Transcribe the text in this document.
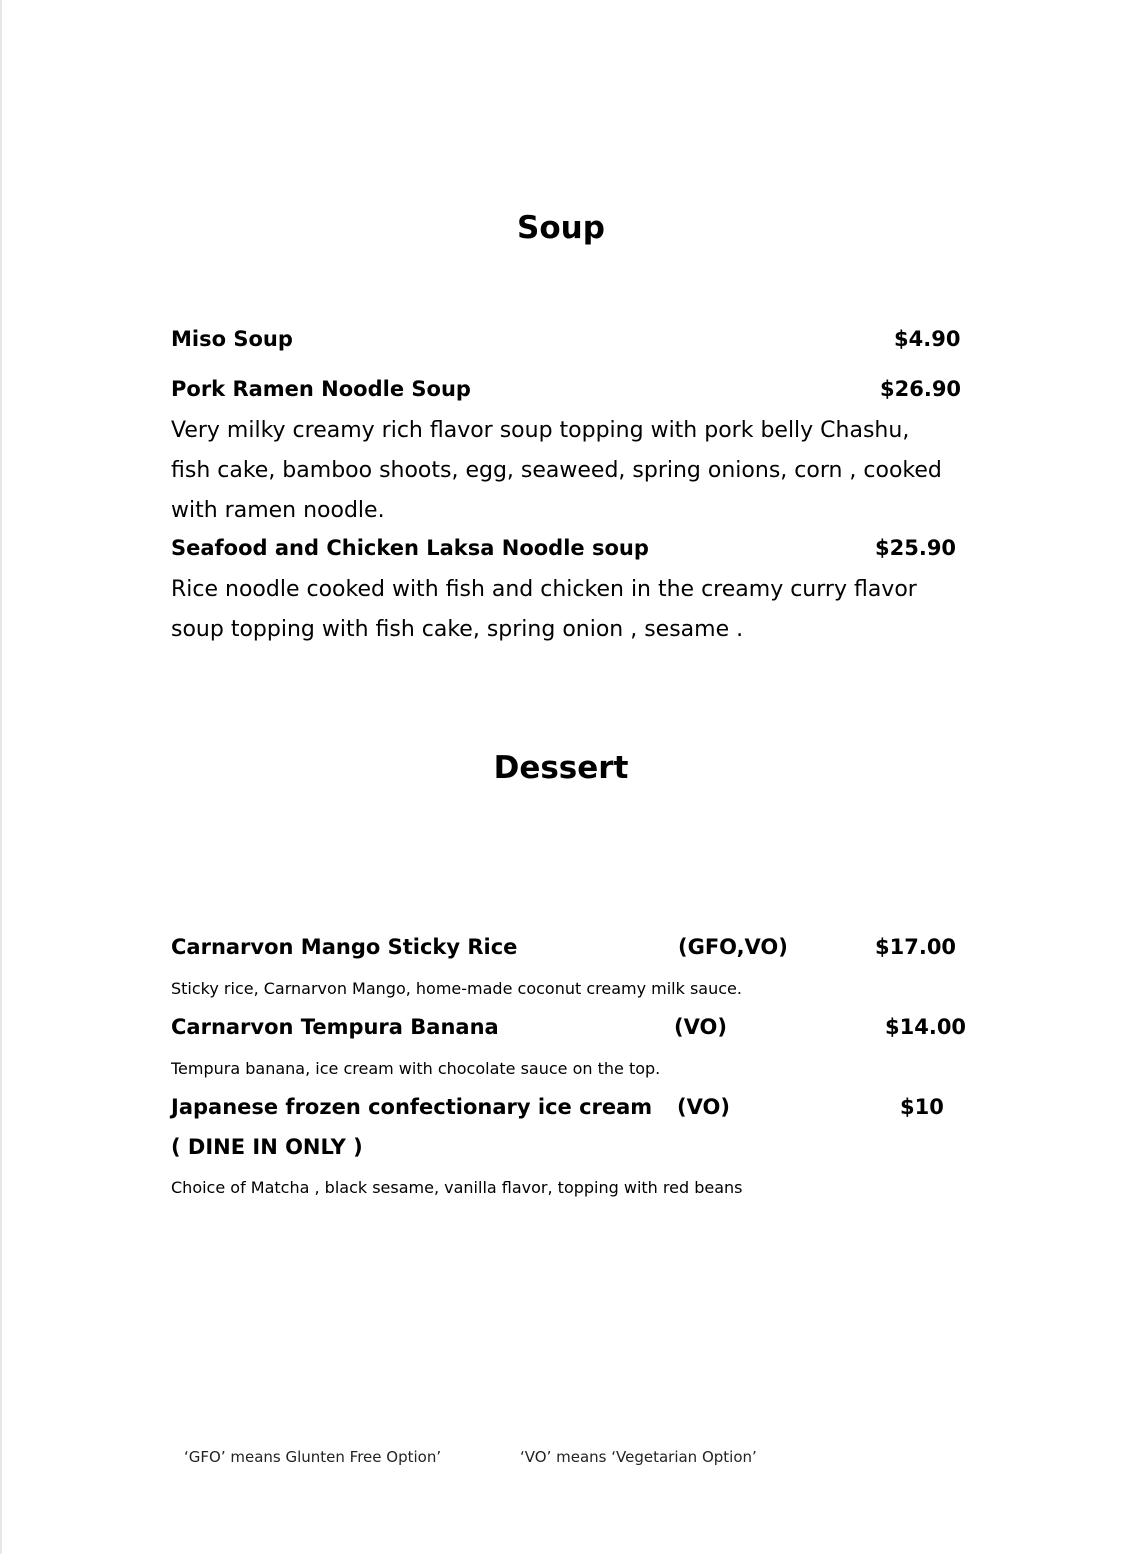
Soup
Miso Soup	$4.90
Pork Ramen Noodle Soup	$26.90
Very milky creamy rich flavor soup topping with pork belly Chashu, fish cake, bamboo shoots, egg, seaweed, spring onions, corn , cooked with ramen noodle.
Seafood and Chicken Laksa Noodle soup	$25.90
Rice noodle cooked with fish and chicken in the creamy curry flavor soup topping with fish cake, spring onion , sesame .
Dessert
Carnarvon Mango Sticky Rice	(GFO,VO)	$17.00
Sticky rice, Carnarvon Mango, home-made coconut creamy milk sauce.
Carnarvon Tempura Banana	(VO)	$14.00
Tempura banana, ice cream with chocolate sauce on the top.
Japanese frozen confectionary ice cream (VO)	$10
( DINE IN ONLY )
Choice of Matcha , black sesame, vanilla flavor, topping with red beans
‘GFO’ means Glunten Free Option’	‘VO’ means ‘Vegetarian Option’
